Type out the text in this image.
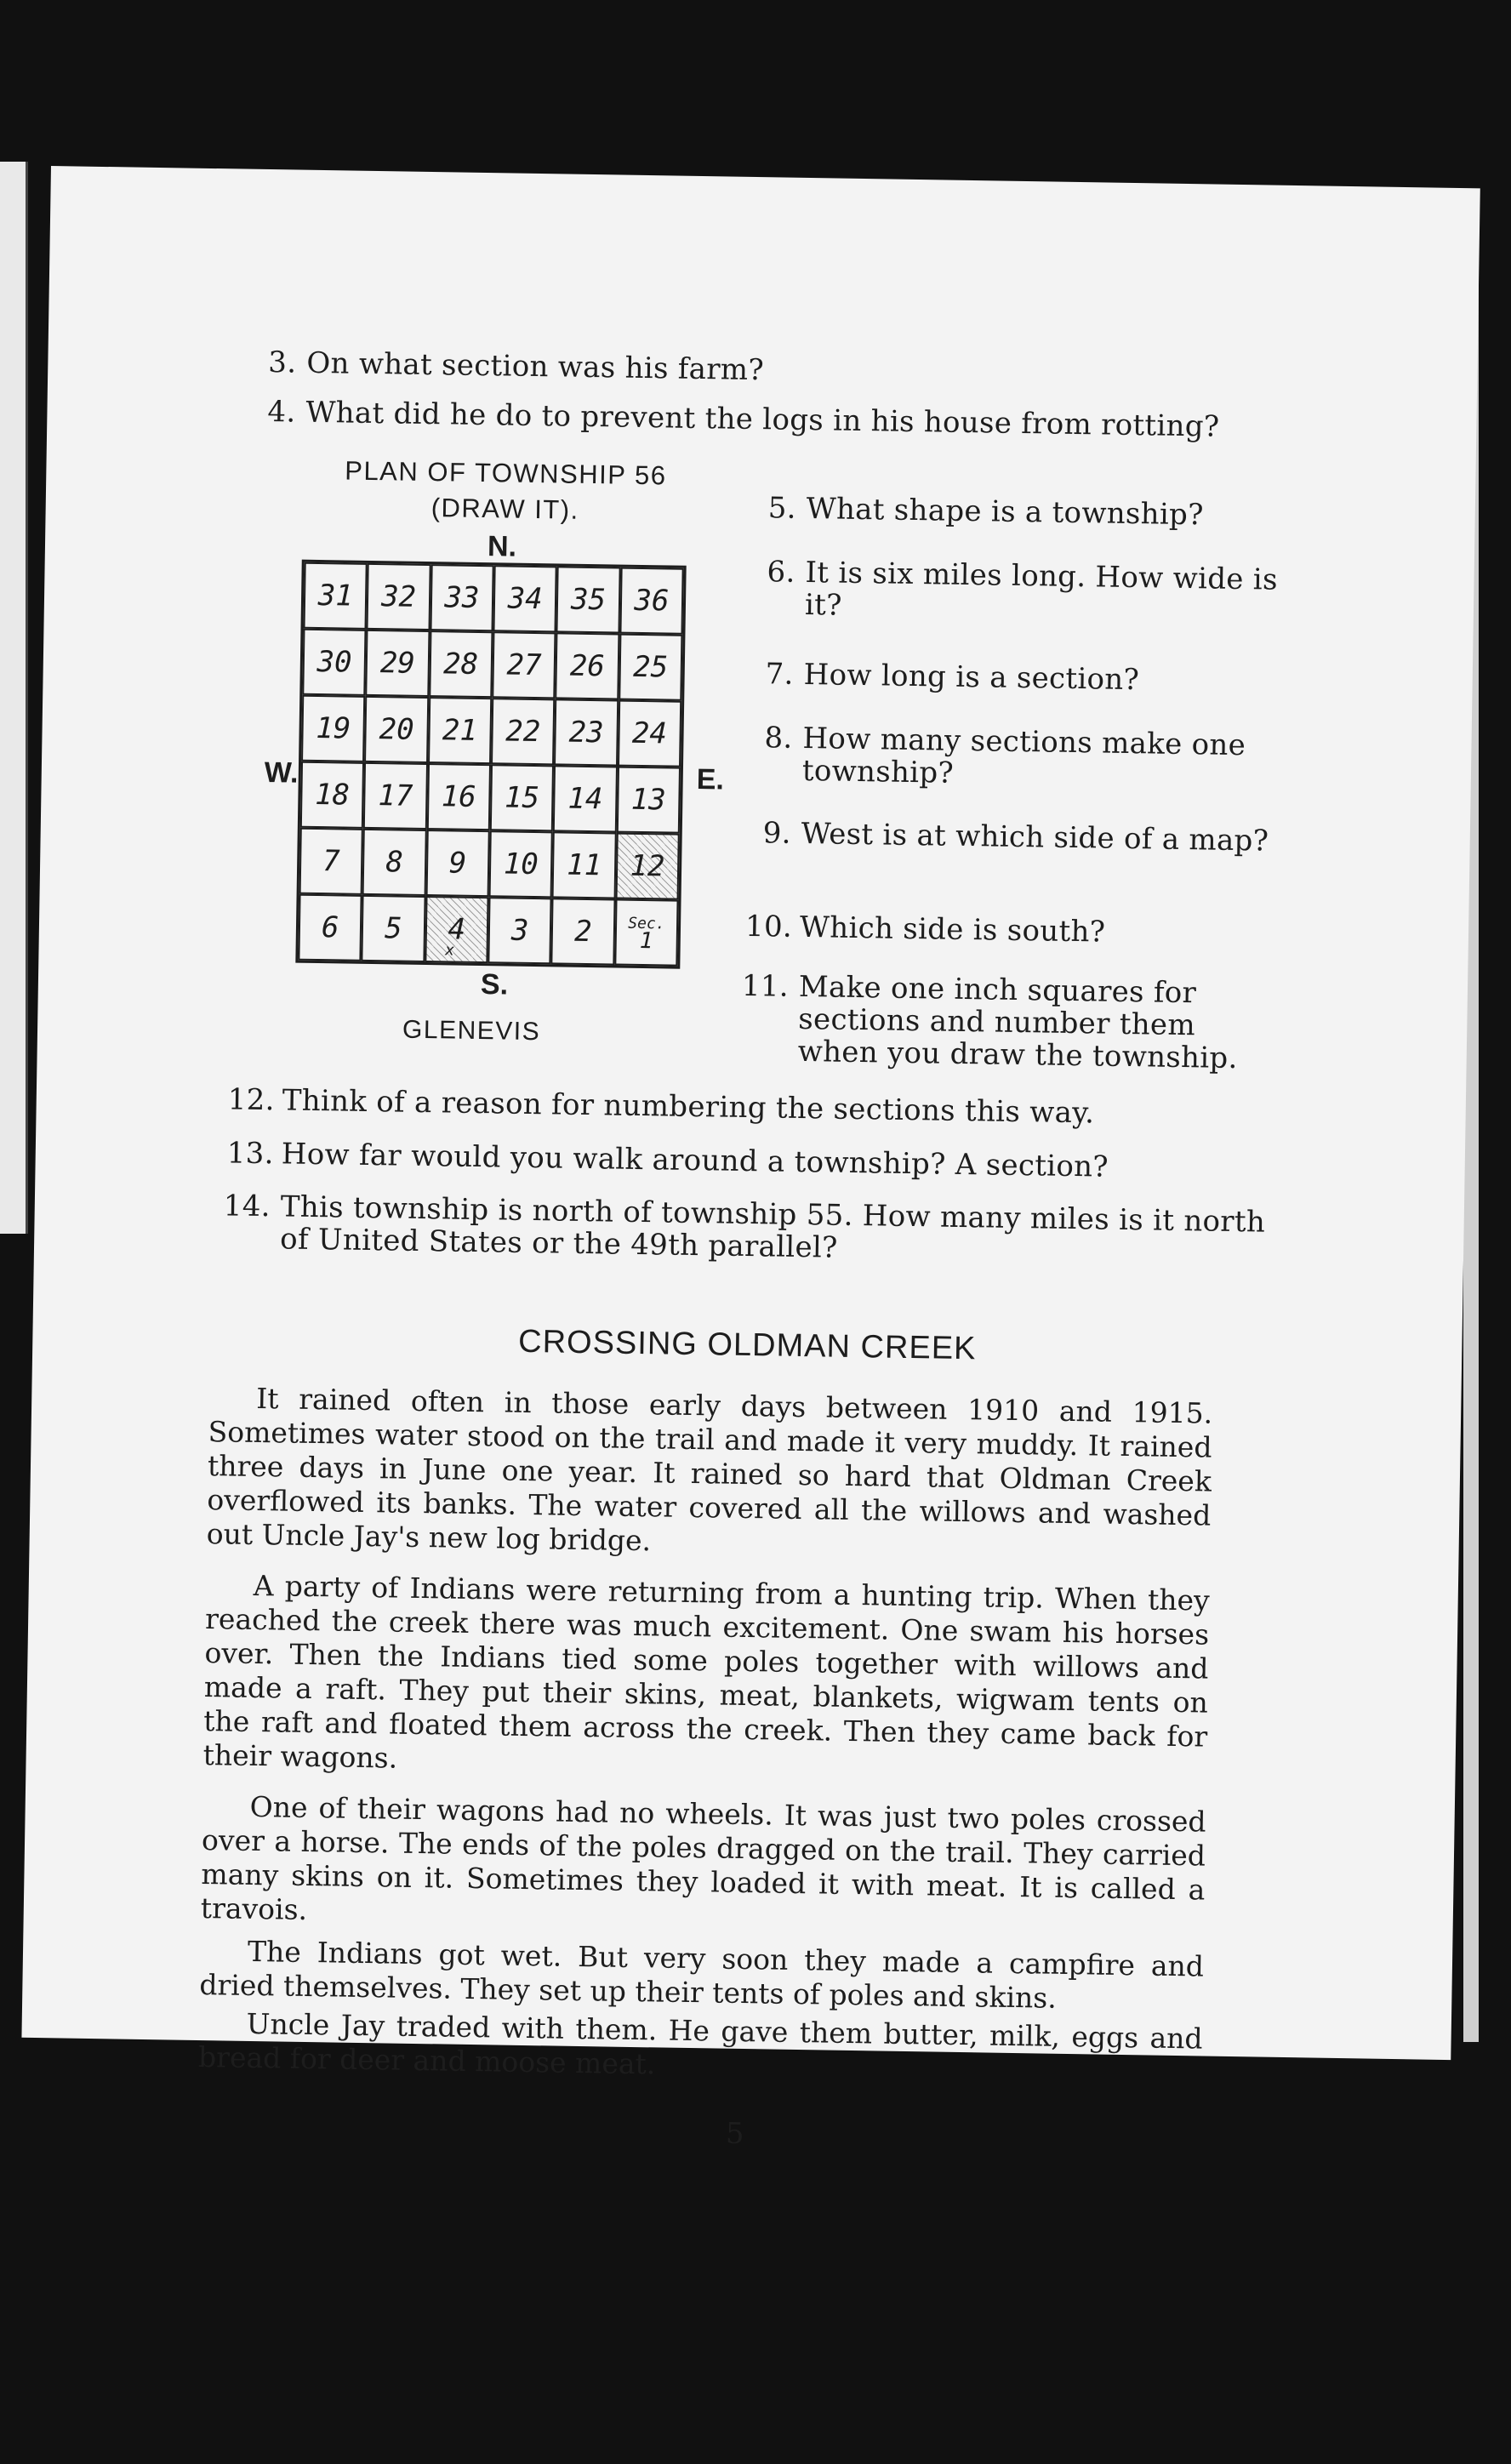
3. On what section was his farm?
4. What did he do to prevent the logs in his house from rotting?
PLAN OF TOWNSHIP 56
(DRAW IT).
N.
W.	E.
S.
31 32 33 34 35 36
30 29 28 27 26 25
19 20 21 22 23 24
18 17 16 15 14 13
7 8 9 10 11 12
6 5 4
x
3 2 Sec.
1
GLENEVIS
5. What shape is a township?
6. It is six miles long. How wide is it?
7. How long is a section?
8. How many sections make one township?
9. West is at which side of a map?
10. Which side is south?
11. Make one inch squares for sections and number them when you draw the township.
12. Think of a reason for numbering the sections this way.
13. How far would you walk around a township? A section?
14. This township is north of township 55. How many miles is it north of United States or the 49th parallel?
CROSSING OLDMAN CREEK
It rained often in those early days between 1910 and 1915. Sometimes water stood on the trail and made it very muddy. It rained three days in June one year. It rained so hard that Oldman Creek overflowed its banks. The water covered all the willows and washed out Uncle Jay's new log bridge.
A party of Indians were returning from a hunting trip. When they reached the creek there was much excitement. One swam his horses over. Then the Indians tied some poles together with willows and made a raft. They put their skins, meat, blankets, wigwam tents on the raft and floated them across the creek. Then they came back for their wagons.
One of their wagons had no wheels. It was just two poles crossed over a horse. The ends of the poles dragged on the trail. They carried many skins on it. Sometimes they loaded it with meat. It is called a travois.
The Indians got wet. But very soon they made a campfire and dried themselves. They set up their tents of poles and skins.
Uncle Jay traded with them. He gave them butter, milk, eggs and bread for deer and moose meat.
5
